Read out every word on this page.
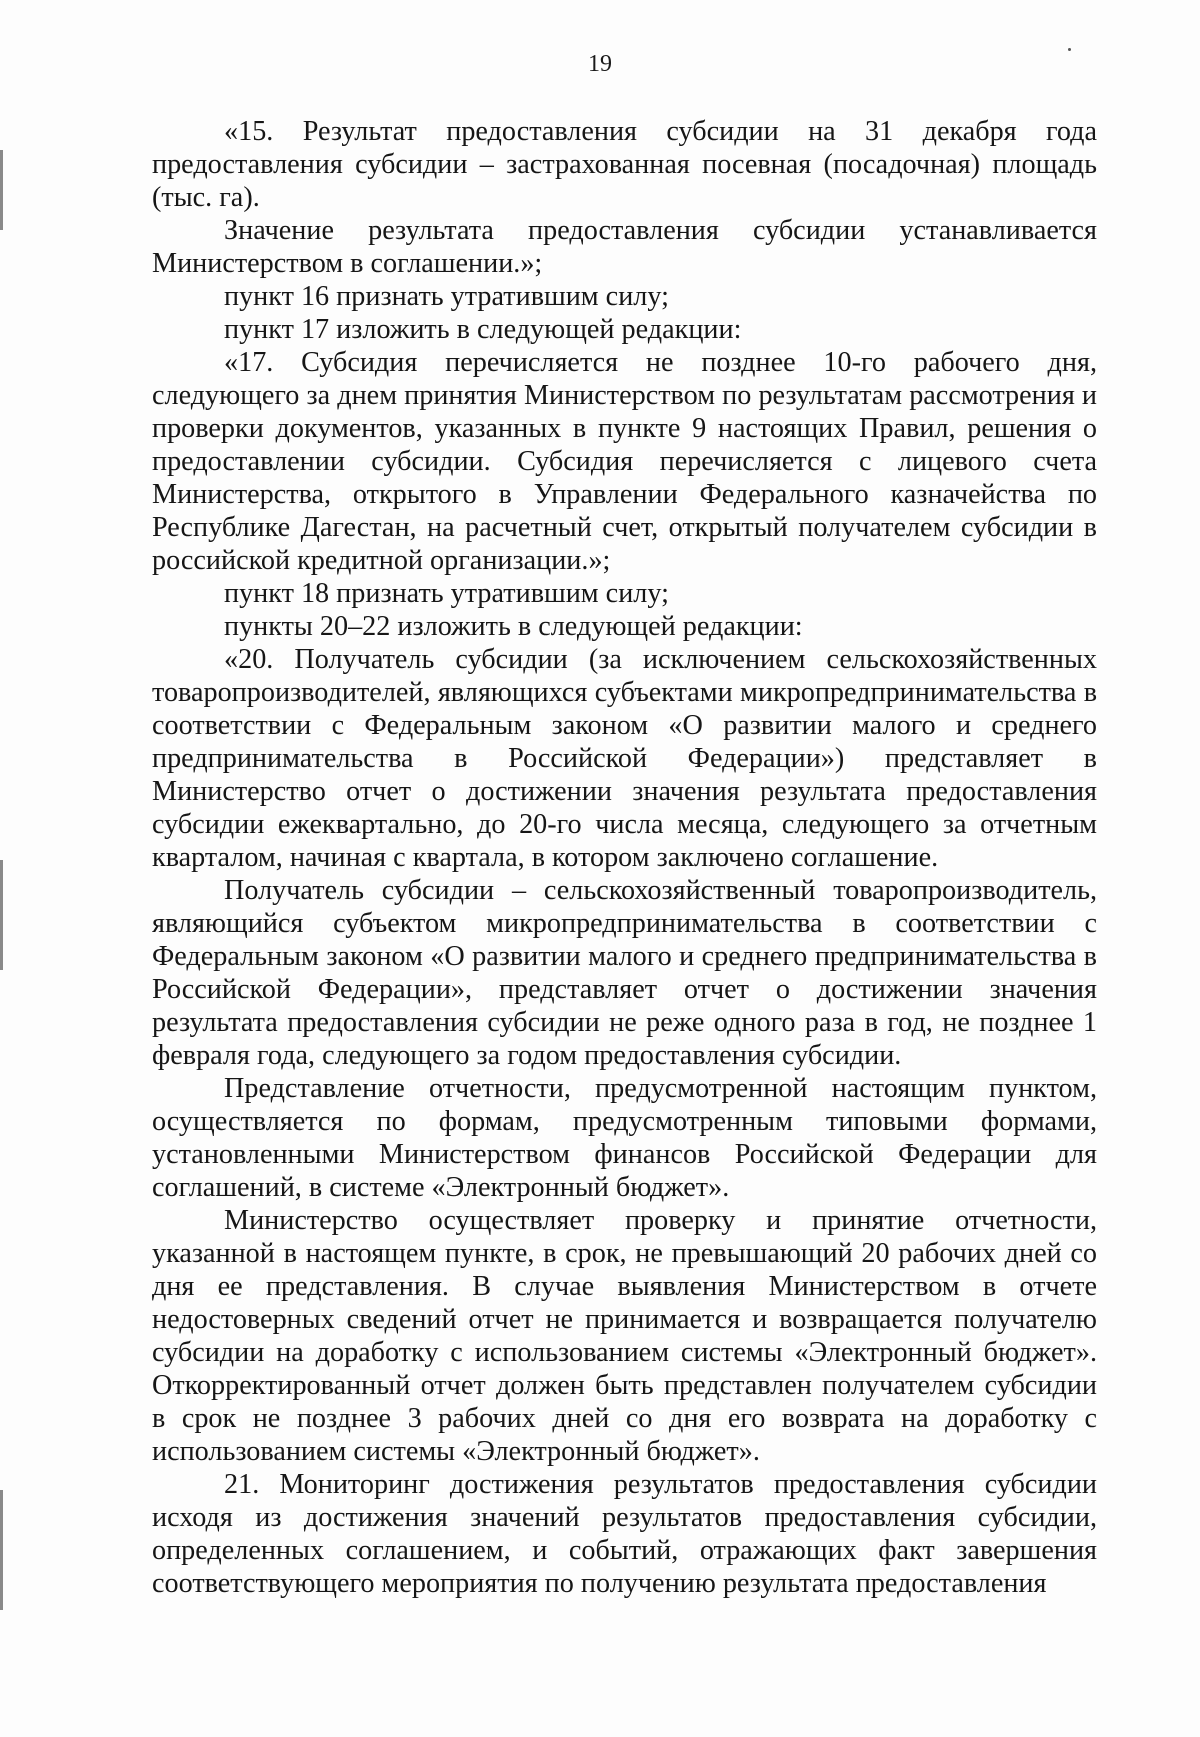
19

«15. Результат предоставления субсидии на 31 декабря года предоставления субсидии – застрахованная посевная (посадочная) площадь (тыс. га).

Значение результата предоставления субсидии устанавливается Министерством в соглашении.»;

пункт 16 признать утратившим силу;

пункт 17 изложить в следующей редакции:

«17. Субсидия перечисляется не позднее 10-го рабочего дня, следующего за днем принятия Министерством по результатам рассмотрения и проверки документов, указанных в пункте 9 настоящих Правил, решения о предоставлении субсидии. Субсидия перечисляется с лицевого счета Министерства, открытого в Управлении Федерального казначейства по Республике Дагестан, на расчетный счет, открытый получателем субсидии в российской кредитной организации.»;

пункт 18 признать утратившим силу;

пункты 20–22 изложить в следующей редакции:

«20. Получатель субсидии (за исключением сельскохозяйственных товаропроизводителей, являющихся субъектами микропредпринимательства в соответствии с Федеральным законом «О развитии малого и среднего предпринимательства в Российской Федерации») представляет в Министерство отчет о достижении значения результата предоставления субсидии ежеквартально, до 20-го числа месяца, следующего за отчетным кварталом, начиная с квартала, в котором заключено соглашение.

Получатель субсидии – сельскохозяйственный товаропроизводитель, являющийся субъектом микропредпринимательства в соответствии с Федеральным законом «О развитии малого и среднего предпринимательства в Российской Федерации», представляет отчет о достижении значения результата предоставления субсидии не реже одного раза в год, не позднее 1 февраля года, следующего за годом предоставления субсидии.

Представление отчетности, предусмотренной настоящим пунктом, осуществляется по формам, предусмотренным типовыми формами, установленными Министерством финансов Российской Федерации для соглашений, в системе «Электронный бюджет».

Министерство осуществляет проверку и принятие отчетности, указанной в настоящем пункте, в срок, не превышающий 20 рабочих дней со дня ее представления. В случае выявления Министерством в отчете недостоверных сведений отчет не принимается и возвращается получателю субсидии на доработку с использованием системы «Электронный бюджет». Откорректированный отчет должен быть представлен получателем субсидии в срок не позднее 3 рабочих дней со дня его возврата на доработку с использованием системы «Электронный бюджет».

21. Мониторинг достижения результатов предоставления субсидии исходя из достижения значений результатов предоставления субсидии, определенных соглашением, и событий, отражающих факт завершения соответствующего мероприятия по получению результата предоставления
